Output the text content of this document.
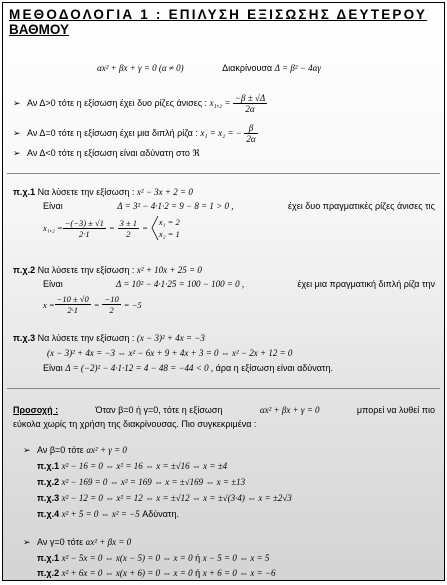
ΜΕΘΟΔΟΛΟΓΙΑ 1 : ΕΠΙΛΥΣΗ ΕΞΙΣΩΣΗΣ ΔΕΥΤΕΡΟΥ
ΒΑΘΜΟΥ
αx² + βx + γ = 0 (α ≠ 0)	Διακρίνουσα Δ = β² − 4αγ
➢ Αν Δ>0 τότε η εξίσωση έχει δυο ρίζες άνισες : $x_1,_2 = \frac{-\beta \pm √\Delta}{2\alpha}$
➢ Αν Δ=0 τότε η εξίσωση έχει μια διπλή ρίζα : x₁ = x₂ = − $\frac{\beta}{2\alpha}$
➢ Αν Δ<0 τότε η εξίσωση είναι αδύνατη στο ℜ
π.χ.1 Να λύσετε την εξίσωση : x² − 3x + 2 = 0
Είναι	Δ = 3² − 4·1·2 = 9 − 8 = 1 > 0 ,	έχει δυο πραγματικές ρίζες άνισες τις
$x_1,_2 = \frac{-(-3) \pm √1}{2\cdot 1} = \frac{3 \pm 1}{2}$ =
x₁ = 2
x₂ = 1
π.χ.2 Να λύσετε την εξίσωση : x² + 10x + 25 = 0
Είναι	Δ = 10² − 4·1·25 = 100 − 100 = 0 ,	έχει μια πραγματική διπλή ρίζα την
$x = \frac{-10 \pm √0}{2\cdot 1} = \frac{-10}{2} = -5$
π.χ.3 Να λύσετε την εξίσωση : (x − 3)² + 4x = −3
(x − 3)² + 4x = −3 ⇔ x² − 6x + 9 + 4x + 3 = 0 ⇔ x² − 2x + 12 = 0
Είναι Δ = (−2)² − 4·1·12 = 4 − 48 = −44 < 0 , άρα η εξίσωση είναι αδύνατη.
Προσοχή :	Όταν β=0 ή γ=0, τότε η εξίσωση	αx² + βx + γ = 0	μπορεί να λυθεί πιο
εύκολα χωρίς τη χρήση της διακρίνουσας. Πιο συγκεκριμένα :
➢ Αν β=0 τότε αx² + γ = 0
π.χ.1 x² − 16 = 0 ⇔ x² = 16 ⇔ x = ±√16 ⇔ x = ±4
π.χ.2 x² − 169 = 0 ⇔ x² = 169 ⇔ x = ±√169 ⇔ x = ±13
π.χ.3 x² − 12 = 0 ⇔ x² = 12 ⇔ x = ±√12 ⇔ x = ±√(3·4) ⇔ x = ±2√3
π.χ.4 x² + 5 = 0 ⇔ x² = −5 Αδύνατη.
➢ Αν γ=0 τότε αx² + βx = 0
π.χ.1 x² − 5x = 0 ⇔ x(x − 5) = 0 ⇔ x = 0 ή x − 5 = 0 ⇔ x = 5
π.χ.2 x² + 6x = 0 ⇔ x(x + 6) = 0 ⇔ x = 0 ή x + 6 = 0 ⇔ x = −6
